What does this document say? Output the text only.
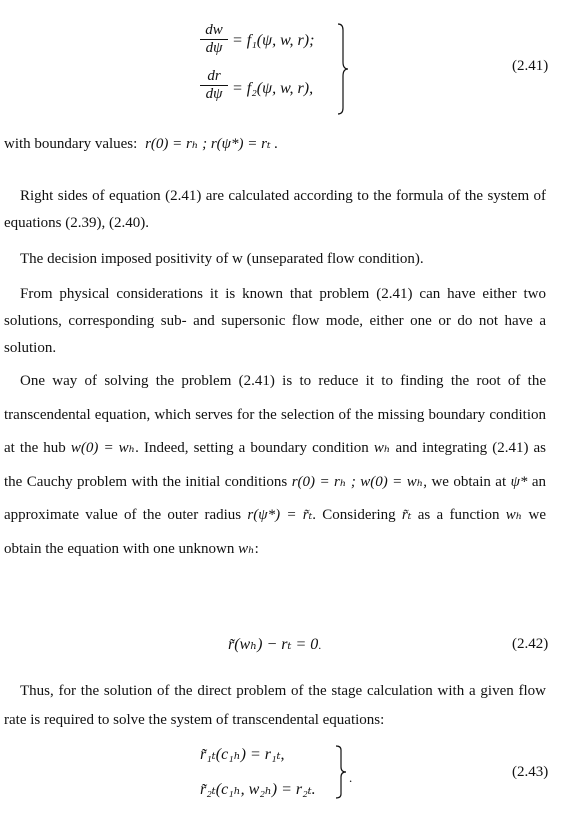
dw
dψ = f₁(ψ, w, r);
dr
dψ = f₂(ψ, w, r),
(2.41)
with boundary values: r(0) = rₕ ; r(ψ*) = rₜ .

Right sides of equation (2.41) are calculated according to the formula of the system of equations (2.39), (2.40).

The decision imposed positivity of w (unseparated flow condition).

From physical considerations it is known that problem (2.41) can have either two solutions, corresponding sub- and supersonic flow mode, either one or do not have a solution.

One way of solving the problem (2.41) is to reduce it to finding the root of the transcendental equation, which serves for the selection of the missing boundary condition at the hub w(0) = wₕ. Indeed, setting a boundary condition wₕ and integrating (2.41) as the Cauchy problem with the initial conditions r(0) = rₕ ; w(0) = wₕ, we obtain at ψ* an approximate value of the outer radius r(ψ*) = r̃ₜ. Considering r̃ₜ as a function wₕ we obtain the equation with one unknown wₕ:

r̃(wₕ) − rₜ = 0.	(2.42)

Thus, for the solution of the direct problem of the stage calculation with a given flow rate is required to solve the system of transcendental equations:

r̃₁ₜ(c₁ₕ) = r₁ₜ,
r̃₂ₜ(c₁ₕ, w₂ₕ) = r₂ₜ.
.	(2.43)
